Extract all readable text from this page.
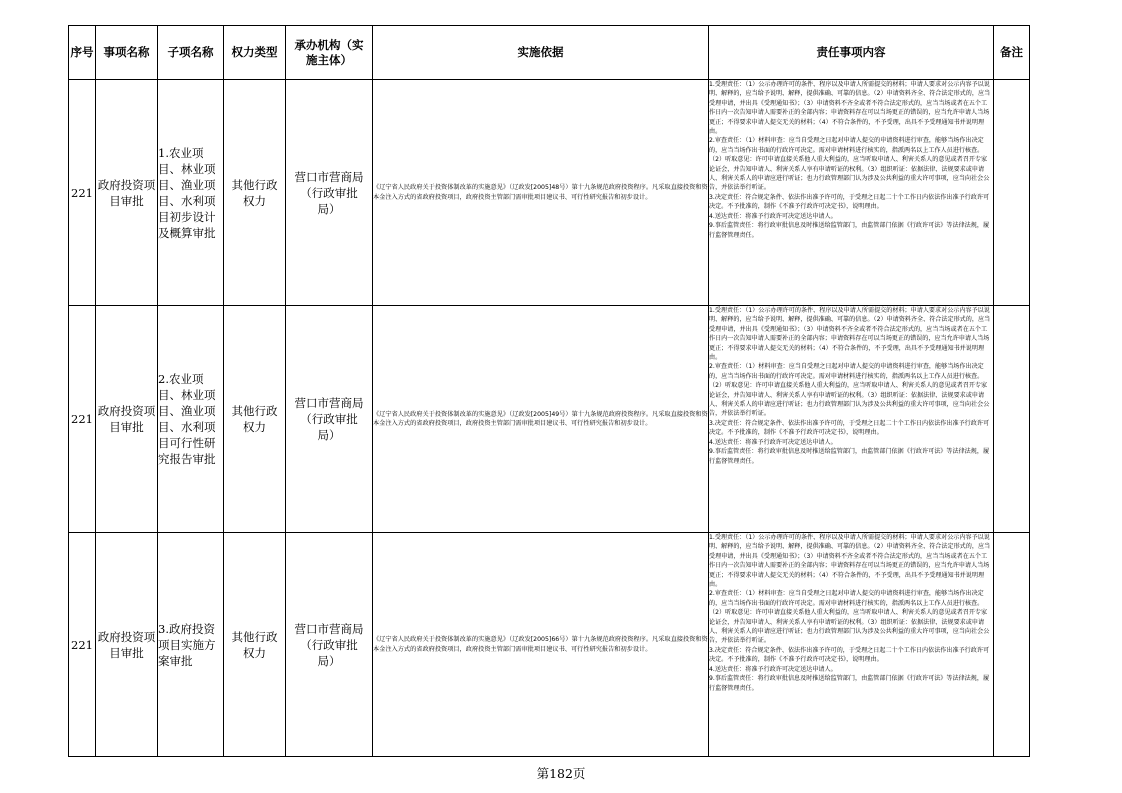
序号	事项名称	子项名称	权力类型	承办机构（实施主体）	实施依据	责任事项内容	备注
221	政府投资项目审批	1.农业项目、林业项目、渔业项目、水利项目初步设计及概算审批	其他行政权力	营口市营商局（行政审批局）	《辽宁省人民政府关于投资体制改革的实施意见》（辽政发[2005]48号）第十九条规范政府投资程序。凡采取直接投资和资本金注入方式的省政府投资项目，政府投资主管部门需审批项目建议书、可行性研究报告和初步设计。	1.受理责任：（1）公示办理许可的条件、程序以及申请人所需提交的材料；申请人要求对公示内容予以说明、解释的，应当给予说明、解释，提供准确、可靠的信息。（2）申请资料齐全、符合法定形式的，应当受理申请，并出具《受理通知书》；（3）申请资料不齐全或者不符合法定形式的，应当当场或者在五个工作日内一次告知申请人需要补正的全部内容；申请资料存在可以当场更正的错误的，应当允许申请人当场更正；不得要求申请人提交无关的材料；（4）不符合条件的，不予受理，出具不予受理通知书并说明理由。
2.审查责任：（1）材料审查：应当自受理之日起对申请人提交的申请资料进行审查，能够当场作出决定的，应当当场作出书面的行政许可决定。需对申请材料进行核实的，指派两名以上工作人员进行核查。（2）听取意见：许可申请直接关系他人重大利益的，应当听取申请人、利害关系人的意见或者召开专家论证会，并告知申请人、利害关系人享有申请听证的权利。（3）组织听证：依据法律、法规要求或申请人、利害关系人的申请应进行听证；也力行政管理部门认为涉及公共利益的重大许可事项，应当向社会公告，并依法举行听证。
3.决定责任：符合规定条件、依法作出准予许可的，于受理之日起二十个工作日内依法作出准予行政许可决定。不予批准的，制作《不准予行政许可决定书》，说明理由。
4.送达责任：将准予行政许可决定送达申请人。
9.事后监管责任：将行政审批信息及时推送给监管部门，由监管部门依据《行政许可法》等法律法规，履行监督管理责任。	

221	政府投资项目审批	2.农业项目、林业项目、渔业项目、水利项目可行性研究报告审批	其他行政权力	营口市营商局（行政审批局）	《辽宁省人民政府关于投资体制改革的实施意见》（辽政发[2005]49号）第十九条规范政府投资程序。凡采取直接投资和资本金注入方式的省政府投资项目，政府投资主管部门需审批项目建议书、可行性研究报告和初步设计。	1.受理责任：（1）公示办理许可的条件、程序以及申请人所需提交的材料；申请人要求对公示内容予以说明、解释的，应当给予说明、解释，提供准确、可靠的信息。（2）申请资料齐全、符合法定形式的，应当受理申请，并出具《受理通知书》；（3）申请资料不齐全或者不符合法定形式的，应当当场或者在五个工作日内一次告知申请人需要补正的全部内容；申请资料存在可以当场更正的错误的，应当允许申请人当场更正；不得要求申请人提交无关的材料；（4）不符合条件的，不予受理，出具不予受理通知书并说明理由。
2.审查责任：（1）材料审查：应当自受理之日起对申请人提交的申请资料进行审查，能够当场作出决定的，应当当场作出书面的行政许可决定。需对申请材料进行核实的，指派两名以上工作人员进行核查。（2）听取意见：许可申请直接关系他人重大利益的，应当听取申请人、利害关系人的意见或者召开专家论证会，并告知申请人、利害关系人享有申请听证的权利。（3）组织听证：依据法律、法规要求或申请人、利害关系人的申请应进行听证；也力行政管理部门认为涉及公共利益的重大许可事项，应当向社会公告，并依法举行听证。
3.决定责任：符合规定条件、依法作出准予许可的，于受理之日起二十个工作日内依法作出准予行政许可决定。不予批准的，制作《不准予行政许可决定书》，说明理由。
4.送达责任：将准予行政许可决定送达申请人。
9.事后监管责任：将行政审批信息及时推送给监管部门，由监管部门依据《行政许可法》等法律法规，履行监督管理责任。	

221	政府投资项目审批	3.政府投资项目实施方案审批	其他行政权力	营口市营商局（行政审批局）	《辽宁省人民政府关于投资体制改革的实施意见》（辽政发[2005]66号）第十九条规范政府投资程序。凡采取直接投资和资本金注入方式的省政府投资项目，政府投资主管部门需审批项目建议书、可行性研究报告和初步设计。	1.受理责任：（1）公示办理许可的条件、程序以及申请人所需提交的材料；申请人要求对公示内容予以说明、解释的，应当给予说明、解释，提供准确、可靠的信息。（2）申请资料齐全、符合法定形式的，应当受理申请，并出具《受理通知书》；（3）申请资料不齐全或者不符合法定形式的，应当当场或者在五个工作日内一次告知申请人需要补正的全部内容；申请资料存在可以当场更正的错误的，应当允许申请人当场更正；不得要求申请人提交无关的材料；（4）不符合条件的，不予受理，出具不予受理通知书并说明理由。
2.审查责任：（1）材料审查：应当自受理之日起对申请人提交的申请资料进行审查，能够当场作出决定的，应当当场作出书面的行政许可决定。需对申请材料进行核实的，指派两名以上工作人员进行核查。（2）听取意见：许可申请直接关系他人重大利益的，应当听取申请人、利害关系人的意见或者召开专家论证会，并告知申请人、利害关系人享有申请听证的权利。（3）组织听证：依据法律、法规要求或申请人、利害关系人的申请应进行听证；也力行政管理部门认为涉及公共利益的重大许可事项，应当向社会公告，并依法举行听证。
3.决定责任：符合规定条件、依法作出准予许可的，于受理之日起二十个工作日内依法作出准予行政许可决定。不予批准的，制作《不准予行政许可决定书》，说明理由。
4.送达责任：将准予行政许可决定送达申请人。
9.事后监管责任：将行政审批信息及时推送给监管部门，由监管部门依据《行政许可法》等法律法规，履行监督管理责任。	

第182页
